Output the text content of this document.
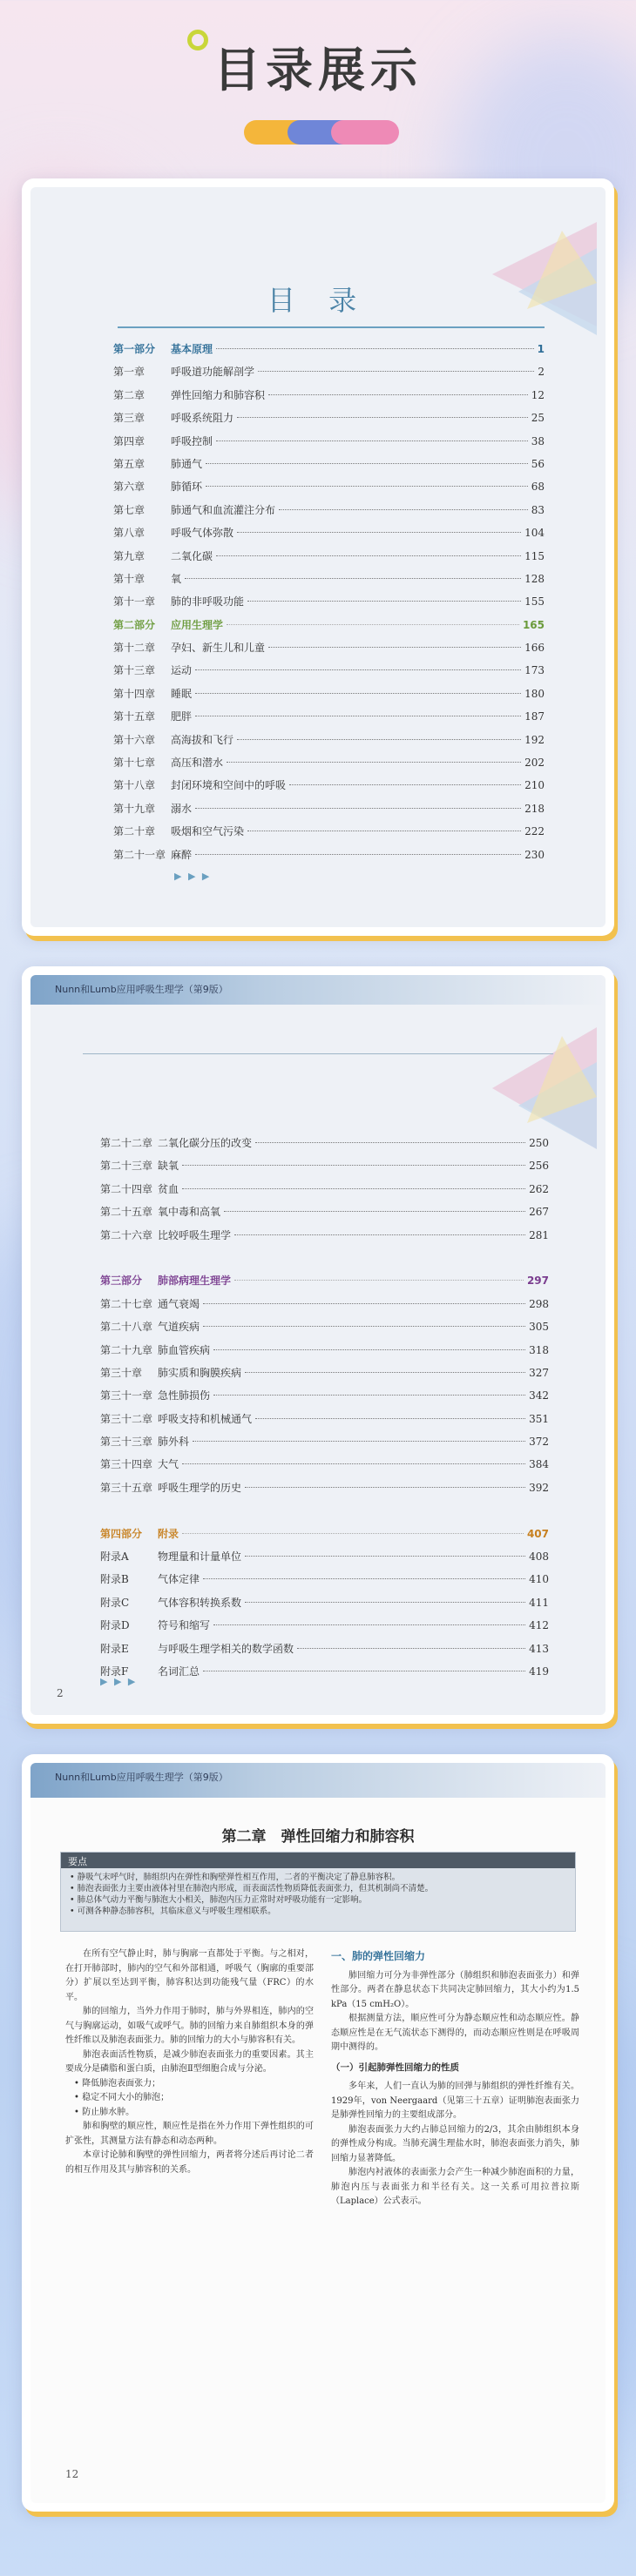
目录展示
目 录
第一部分	基本原理	1
第一章	呼吸道功能解剖学	2
第二章	弹性回缩力和肺容积	12
第三章	呼吸系统阻力	25
第四章	呼吸控制	38
第五章	肺通气	56
第六章	肺循环	68
第七章	肺通气和血流灌注分布	83
第八章	呼吸气体弥散	104
第九章	二氧化碳	115
第十章	氧	128
第十一章	肺的非呼吸功能	155
第二部分	应用生理学	165
第十二章	孕妇、新生儿和儿童	166
第十三章	运动	173
第十四章	睡眠	180
第十五章	肥胖	187
第十六章	高海拔和飞行	192
第十七章	高压和潜水	202
第十八章	封闭环境和空间中的呼吸	210
第十九章	溺水	218
第二十章	吸烟和空气污染	222
第二十一章 麻醉	230
▶ ▶ ▶
Nunn和Lumb应用呼吸生理学（第9版）
第二十二章 二氧化碳分压的改变	250
第二十三章 缺氧	256
第二十四章 贫血	262
第二十五章 氧中毒和高氧	267
第二十六章 比较呼吸生理学	281
第三部分	肺部病理生理学	297
第二十七章 通气衰竭	298
第二十八章 气道疾病	305
第二十九章 肺血管疾病	318
第三十章	肺实质和胸膜疾病	327
第三十一章 急性肺损伤	342
第三十二章 呼吸支持和机械通气	351
第三十三章 肺外科	372
第三十四章 大气	384
第三十五章 呼吸生理学的历史	392
第四部分	附录	407
附录A	物理量和计量单位	408
附录B	气体定律	410
附录C	气体容积转换系数	411
附录D	符号和缩写	412
附录E	与呼吸生理学相关的数学函数	413
附录F	名词汇总	419
▶ ▶ ▶
2
Nunn和Lumb应用呼吸生理学（第9版）
第二章　弹性回缩力和肺容积
要点
• 静吸气末呼气时，肺组织内在弹性和胸壁弹性相互作用，二者的平衡决定了静息肺容积。
• 肺泡表面张力主要由液体衬里在肺泡内形成，而表面活性物质降低表面张力，但其机制尚不清楚。
• 肺总体气动力平衡与肺泡大小相关，肺泡内压力正常时对呼吸功能有一定影响。
• 可测各种静态肺容积，其临床意义与呼吸生理相联系。

在所有空气静止时，肺与胸廓一直都处于平衡。与之相对，在打开肺部时，肺内的空气和外部相通，呼吸气（胸廓的重要部分）扩展以至达到平衡，肺容积达到功能残气量（FRC）的水平。

肺的回缩力，当外力作用于肺时，肺与外界相连，肺内的空气与胸廓运动，如吸气或呼气。肺的回缩力来自肺组织本身的弹性纤维以及肺泡表面张力。肺的回缩力的大小与肺容积有关。

肺泡表面活性物质，是减少肺泡表面张力的重要因素。其主要成分是磷脂和蛋白质，由肺泡Ⅱ型细胞合成与分泌。

• 降低肺泡表面张力；

• 稳定不同大小的肺泡；

• 防止肺水肿。

肺和胸壁的顺应性，顺应性是指在外力作用下弹性组织的可扩张性，其测量方法有静态和动态两种。

本章讨论肺和胸壁的弹性回缩力，两者将分述后再讨论二者的相互作用及其与肺容积的关系。

一、肺的弹性回缩力

肺回缩力可分为非弹性部分（肺组织和肺泡表面张力）和弹性部分。两者在静息状态下共同决定肺回缩力，其大小约为1.5 kPa（15 cmH₂O）。

根据测量方法，顺应性可分为静态顺应性和动态顺应性。静态顺应性是在无气流状态下测得的，而动态顺应性则是在呼吸周期中测得的。

（一）引起肺弹性回缩力的性质

多年来，人们一直认为肺的回弹与肺组织的弹性纤维有关。1929年，von Neergaard（见第三十五章）证明肺泡表面张力是肺弹性回缩力的主要组成部分。

肺泡表面张力大约占肺总回缩力的2/3，其余由肺组织本身的弹性成分构成。当肺充满生理盐水时，肺泡表面张力消失，肺回缩力显著降低。

肺泡内衬液体的表面张力会产生一种减少肺泡面积的力量，肺泡内压与表面张力和半径有关。这一关系可用拉普拉斯（Laplace）公式表示。

12
